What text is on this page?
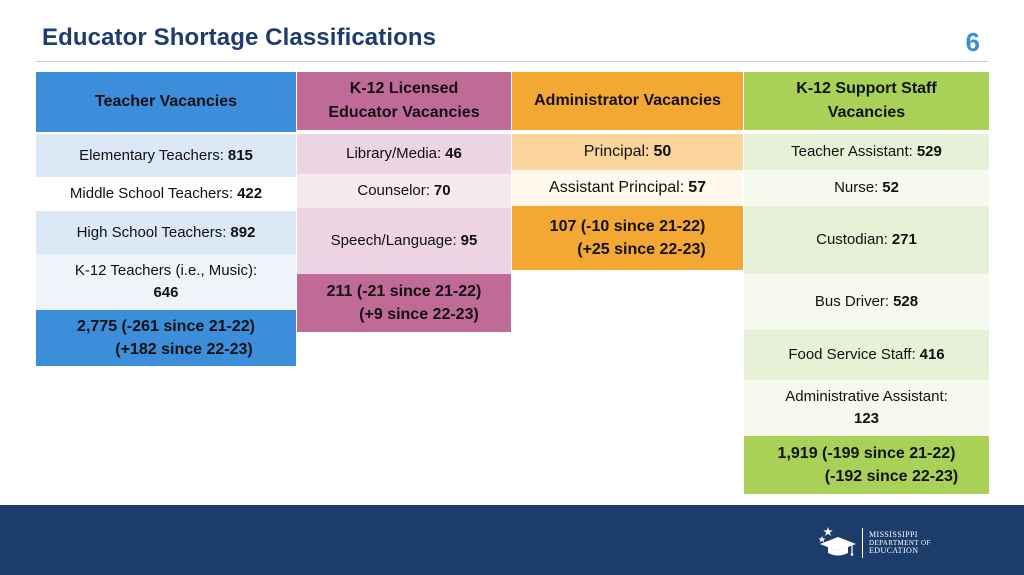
Educator Shortage Classifications	6
Teacher Vacancies
Elementary Teachers: 815
Middle School Teachers: 422
High School Teachers: 892
K-12 Teachers (i.e., Music):
646
2,775 (-261 since 21-22)
(+182 since 22-23)
K-12 Licensed
Educator Vacancies
Library/Media: 46
Counselor: 70
Speech/Language: 95
211 (-21 since 21-22)
(+9 since 22-23)
Administrator Vacancies
Principal: 50
Assistant Principal: 57
107 (-10 since 21-22)
(+25 since 22-23)
K-12 Support Staff
Vacancies
Teacher Assistant: 529
Nurse: 52
Custodian: 271
Bus Driver: 528
Food Service Staff: 416
Administrative Assistant:
123
1,919 (-199 since 21-22)
(-192 since 22-23)
MISSISSIPPI
DEPARTMENT OF
EDUCATION
